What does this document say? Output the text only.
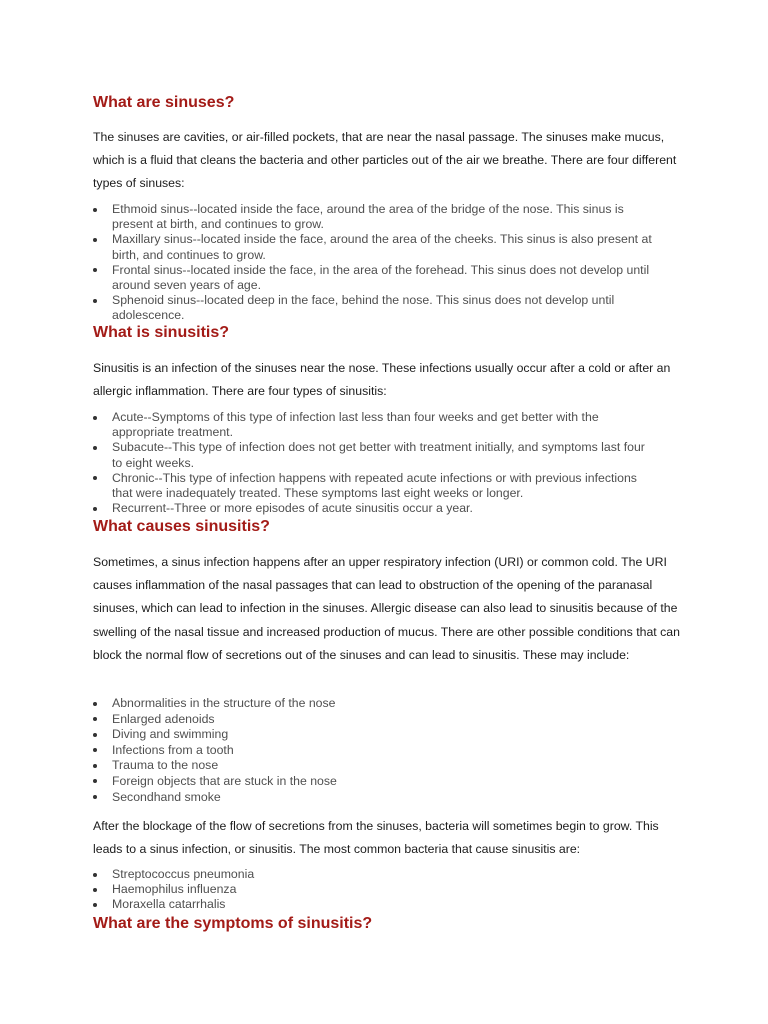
What are sinuses?

The sinuses are cavities, or air-filled pockets, that are near the nasal passage. The sinuses make mucus, which is a fluid that cleans the bacteria and other particles out of the air we breathe. There are four different types of sinuses:

Ethmoid sinus--located inside the face, around the area of the bridge of the nose. This sinus is present at birth, and continues to grow.
Maxillary sinus--located inside the face, around the area of the cheeks. This sinus is also present at birth, and continues to grow.
Frontal sinus--located inside the face, in the area of the forehead. This sinus does not develop until around seven years of age.
Sphenoid sinus--located deep in the face, behind the nose. This sinus does not develop until adolescence.
What is sinusitis?

Sinusitis is an infection of the sinuses near the nose. These infections usually occur after a cold or after an allergic inflammation. There are four types of sinusitis:

Acute--Symptoms of this type of infection last less than four weeks and get better with the appropriate treatment.
Subacute--This type of infection does not get better with treatment initially, and symptoms last four to eight weeks.
Chronic--This type of infection happens with repeated acute infections or with previous infections that were inadequately treated. These symptoms last eight weeks or longer.
Recurrent--Three or more episodes of acute sinusitis occur a year.
What causes sinusitis?

Sometimes, a sinus infection happens after an upper respiratory infection (URI) or common cold. The URI causes inflammation of the nasal passages that can lead to obstruction of the opening of the paranasal sinuses, which can lead to infection in the sinuses. Allergic disease can also lead to sinusitis because of the swelling of the nasal tissue and increased production of mucus. There are other possible conditions that can block the normal flow of secretions out of the sinuses and can lead to sinusitis. These may include:

Abnormalities in the structure of the nose
Enlarged adenoids
Diving and swimming
Infections from a tooth
Trauma to the nose
Foreign objects that are stuck in the nose
Secondhand smoke

After the blockage of the flow of secretions from the sinuses, bacteria will sometimes begin to grow. This leads to a sinus infection, or sinusitis. The most common bacteria that cause sinusitis are:

Streptococcus pneumonia
Haemophilus influenza
Moraxella catarrhalis
What are the symptoms of sinusitis?
